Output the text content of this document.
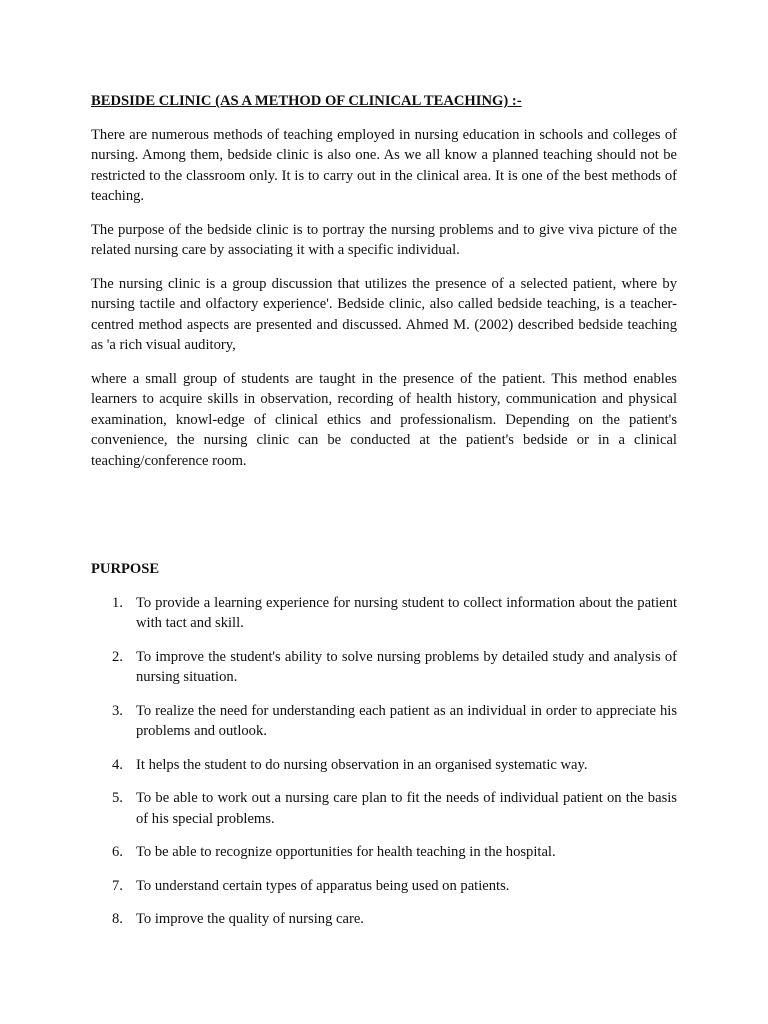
BEDSIDE CLINIC (AS A METHOD OF CLINICAL TEACHING) :-

There are numerous methods of teaching employed in nursing education in schools and colleges of nursing. Among them, bedside clinic is also one. As we all know a planned teaching should not be restricted to the classroom only. It is to carry out in the clinical area. It is one of the best methods of teaching.

The purpose of the bedside clinic is to portray the nursing problems and to give viva picture of the related nursing care by associating it with a specific individual.

The nursing clinic is a group discussion that utilizes the presence of a selected patient, where by nursing tactile and olfactory experience'. Bedside clinic, also called bedside teaching, is a teacher-centred method aspects are presented and discussed. Ahmed M. (2002) described bedside teaching as 'a rich visual auditory,

where a small group of students are taught in the presence of the patient. This method enables learners to acquire skills in observation, recording of health history, communication and physical examination, knowl-edge of clinical ethics and professionalism. Depending on the patient's convenience, the nursing clinic can be conducted at the patient's bedside or in a clinical teaching/conference room.

PURPOSE
1. To provide a learning experience for nursing student to collect information about the patient with tact and skill.
2. To improve the student's ability to solve nursing problems by detailed study and analysis of nursing situation.
3. To realize the need for understanding each patient as an individual in order to appreciate his problems and outlook.
4. It helps the student to do nursing observation in an organised systematic way.
5. To be able to work out a nursing care plan to fit the needs of individual patient on the basis of his special problems.
6. To be able to recognize opportunities for health teaching in the hospital.
7. To understand certain types of apparatus being used on patients.
8. To improve the quality of nursing care.
